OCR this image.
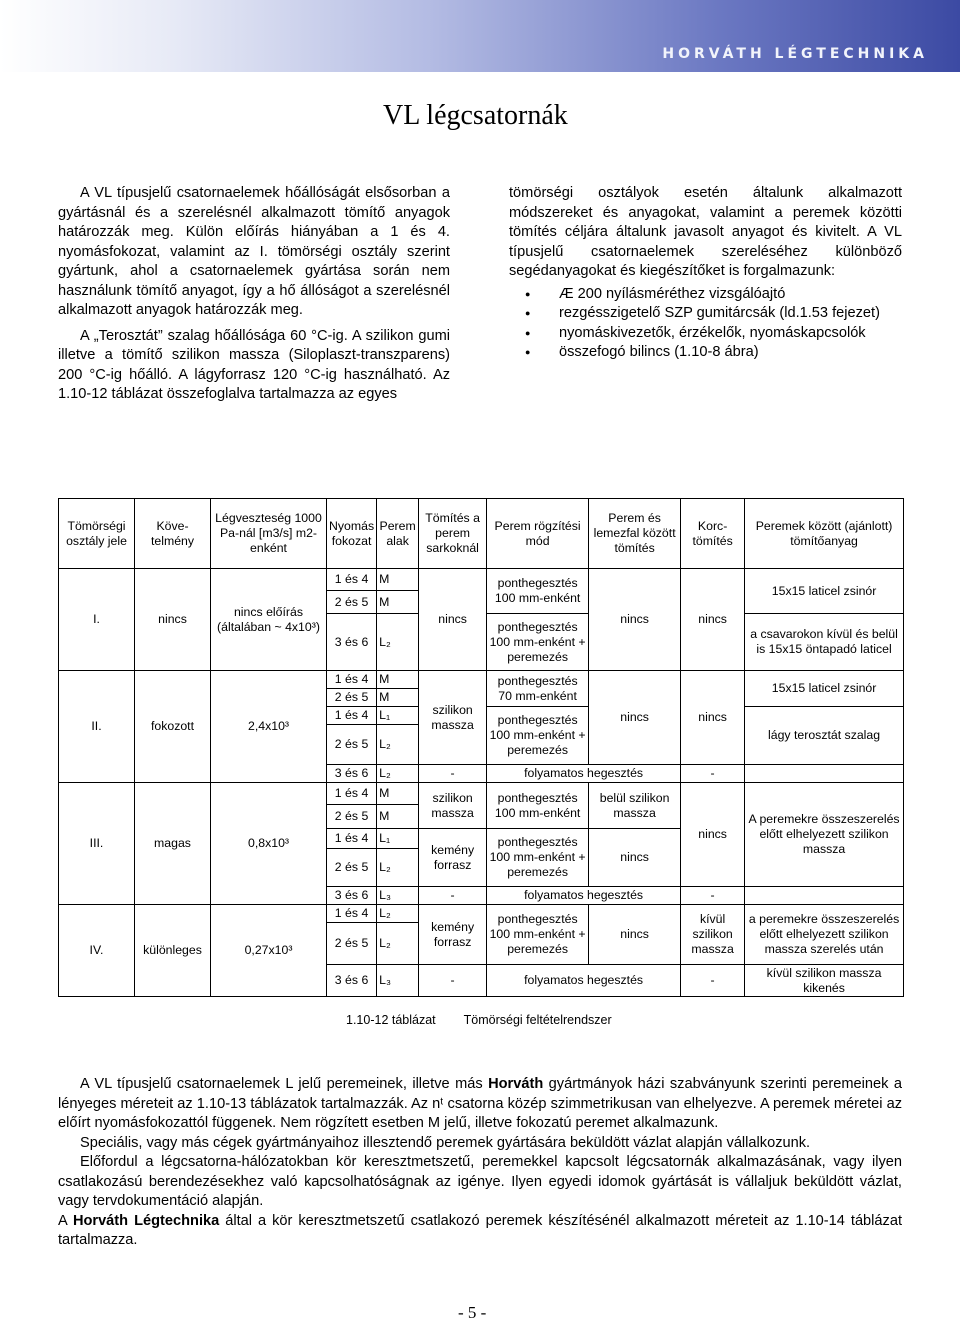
HORVÁTH LÉGTECHNIKA
VL légcsatornák

A VL típusjelű csatornaelemek hőállóságát elsősorban a gyártásnál és a szerelésnél alkalmazott tömítő anyagok határozzák meg. Külön előírás hiányában a 1 és 4. nyomásfokozat, valamint az I. tömörségi osztály szerint gyártunk, ahol a csatornaelemek gyártása során nem használunk tömítő anyagot, így a hő állóságot a szerelésnél alkalmazott anyagok határozzák meg.

A „Terosztát” szalag hőállósága 60 °C-ig. A szilikon gumi illetve a tömítő szilikon massza (Siloplaszt-transzparens) 200 °C-ig hőálló. A lágyforrasz 120 °C-ig használható. Az 1.10-12 táblázat összefoglalva tartalmazza az egyes

tömörségi osztályok esetén általunk alkalmazott módszereket és anyagokat, valamint a peremek közötti tömítés céljára általunk javasolt anyagot és kivitelt. A VL típusjelű csatornaelemek szereléséhez különböző segédanyagokat és kiegészítőket is forgalmazunk:

● Æ 200 nyílásméréthez vizsgálóajtó
● rezgésszigetelő SZP gumitárcsák (ld.1.53 fejezet)
● nyomáskivezetők, érzékelők, nyomáskapcsolók
● összefogó bilincs (1.10-8 ábra)
Tömörségi osztály jele	Köve-telmény	Légveszteség 1000 Pa-nál [m3/s] m2-enként	Nyomás fokozat	Perem alak	Tömítés a perem sarkoknál	Perem rögzítési mód	Perem és lemezfal között tömítés	Korc-tömítés	Peremek között (ajánlott) tömítőanyag
I.	nincs	nincs előírás (általában ~ 4x10³)	1 és 4	M	nincs	ponthegesztés 100 mm-enként	nincs	nincs	15x15 laticel zsinór
			2 és 5	M					
			3 és 6	L₂		ponthegesztés 100 mm-enként + peremezés			a csavarokon kívül és belül is 15x15 öntapadó laticel

II.	fokozott	2,4x10³	1 és 4	M	szilikon massza	ponthegesztés 70 mm-enként	nincs	nincs	15x15 laticel zsinór
			2 és 5	M					
			1 és 4	L₁		ponthegesztés 100 mm-enként + peremezés			lágy terosztát szalag
			2 és 5	L₂					
			3 és 6	L₂	-	folyamatos hegesztés		-	
III.	magas	0,8x10³	1 és 4	M	szilikon massza	ponthegesztés 100 mm-enként	belül szilikon massza	nincs	A peremekre összeszerelés előtt elhelyezett szilikon massza
			2 és 5	M					
			1 és 4	L₁	kemény forrasz	ponthegesztés 100 mm-enként + peremezés	nincs		
			2 és 5	L₂					
			3 és 6	L₃	-	folyamatos hegesztés		-	
IV.	különleges	0,27x10³	1 és 4	L₂	kemény forrasz	ponthegesztés 100 mm-enként + peremezés	nincs	kívül szilikon massza	a peremekre összeszerelés előtt elhelyezett szilikon massza szerelés után
			2 és 5	L₂					
			3 és 6	L₃	-	folyamatos hegesztés		-	kívül szilikon massza kikenés
1.10-12 táblázat Tömörségi feltételrendszer

A VL típusjelű csatornaelemek L jelű peremeinek, illetve más Horváth gyártmányok házi szabványunk szerinti peremeinek a lényeges méreteit az 1.10-13 táblázatok tartalmazzák. Az nᵗ csatorna közép szimmetrikusan van elhelyezve. A peremek méretei az előírt nyomásfokozattól függenek. Nem rögzített esetben M jelű, illetve fokozatú peremet alkalmazunk.

Speciális, vagy más cégek gyártmányaihoz illesztendő peremek gyártására beküldött vázlat alapján vállalkozunk.

Előfordul a légcsatorna-hálózatokban kör keresztmetszetű, peremekkel kapcsolt légcsatornák alkalmazásának, vagy ilyen csatlakozású berendezésekhez való kapcsolhatóságnak az igénye. Ilyen egyedi idomok gyártását is vállaljuk beküldött vázlat, vagy tervdokumentáció alapján.

A Horváth Légtechnika által a kör keresztmetszetű csatlakozó peremek készítésénél alkalmazott méreteit az 1.10-14 táblázat tartalmazza.

- 5 -
